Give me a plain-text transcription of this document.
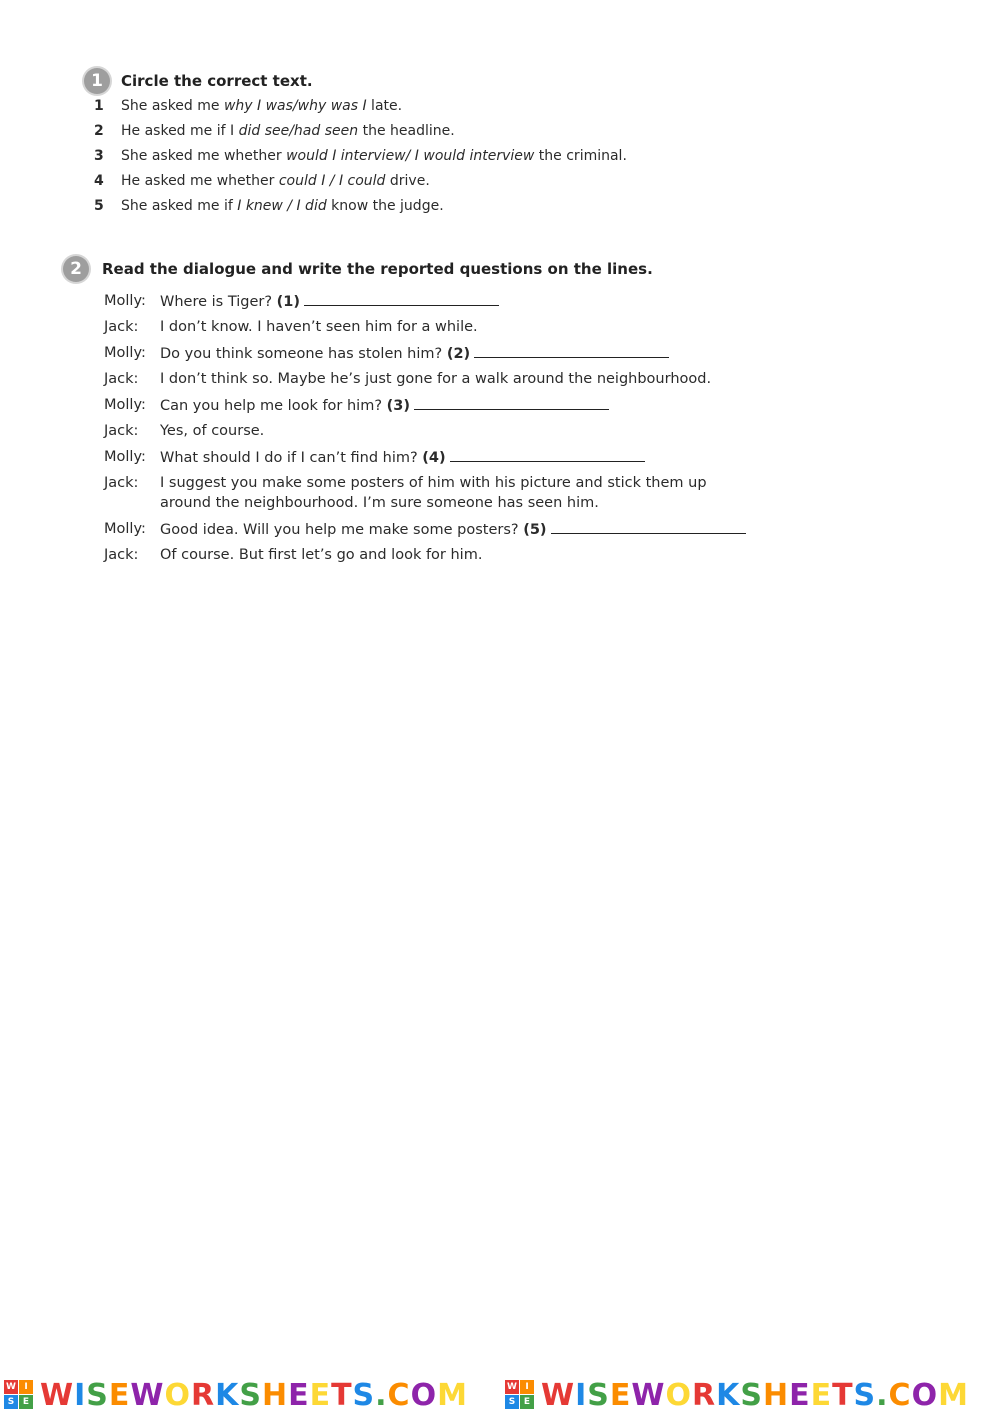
1 Circle the correct text.
1 She asked me why I was/why was I late.
2 He asked me if I did see/had seen the headline.
3 She asked me whether would I interview/ I would interview the criminal.
4 He asked me whether could I / I could drive.
5 She asked me if I knew / I did know the judge.
2 Read the dialogue and write the reported questions on the lines.
Molly: Where is Tiger? (1)
Jack:	I don’t know. I haven’t seen him for a while.
Molly: Do you think someone has stolen him? (2)
Jack:	I don’t think so. Maybe he’s just gone for a walk around the neighbourhood.
Molly: Can you help me look for him? (3)
Jack:	Yes, of course.
Molly: What should I do if I can’t find him? (4)
Jack:	I suggest you make some posters of him with his picture and stick them up around the neighbourhood. I’m sure someone has seen him.
Molly: Good idea. Will you help me make some posters? (5)
Jack:	Of course. But first let’s go and look for him.
W I
S E WISEWORKSHEETS.COM	W I
S E WISEWORKSHEETS.COM
